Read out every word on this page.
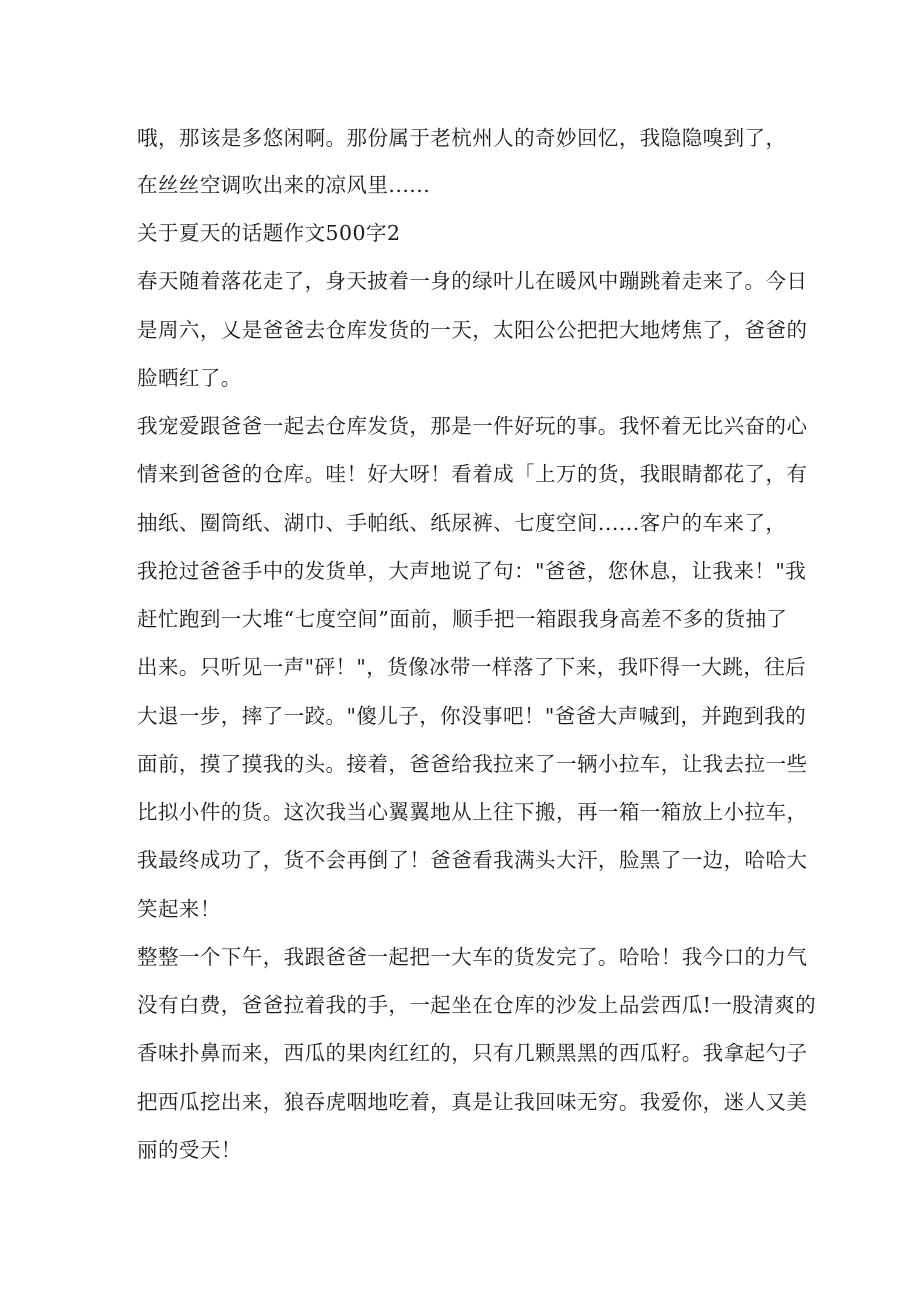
哦，那该是多悠闲啊。那份属于老杭州人的奇妙回忆，我隐隐嗅到了，
在丝丝空调吹出来的凉风里......
关于夏天的话题作文500字2
春天随着落花走了，身天披着一身的绿叶儿在暖风中蹦跳着走来了。今日
是周六，乂是爸爸去仓库发货的一天，太阳公公把把大地烤焦了，爸爸的
脸晒红了。
我宠爱跟爸爸一起去仓库发货，那是一件好玩的事。我怀着无比兴奋的心
情来到爸爸的仓库。哇！好大呀！看着成「上万的货，我眼睛都花了，有
抽纸、圈筒纸、湖巾、手帕纸、纸尿裤、七度空间......客户的车来了，
我抢过爸爸手中的发货单，大声地说了句："爸爸，您休息，让我来！"我
赶忙跑到一大堆“七度空间”面前，顺手把一箱跟我身高差不多的货抽了
出来。只听见一声"砰！"，货像冰带一样落了下来，我吓得一大跳，往后
大退一步，摔了一跤。"傻儿子，你没事吧！"爸爸大声喊到，并跑到我的
面前，摸了摸我的头。接着，爸爸给我拉来了一辆小拉车，让我去拉一些
比拟小件的货。这次我当心翼翼地从上往下搬，再一箱一箱放上小拉车，
我最终成功了，货不会再倒了！爸爸看我满头大汗，脸黑了一边，哈哈大
笑起来！
整整一个下午，我跟爸爸一起把一大车的货发完了。哈哈！我今口的力气
没有白费，爸爸拉着我的手，一起坐在仓库的沙发上品尝西瓜!一股清爽的
香味扑鼻而来，西瓜的果肉红红的，只有几颗黑黑的西瓜籽。我拿起勺子
把西瓜挖出来，狼吞虎咽地吃着，真是让我回味无穷。我爱你，迷人又美
丽的受天！
